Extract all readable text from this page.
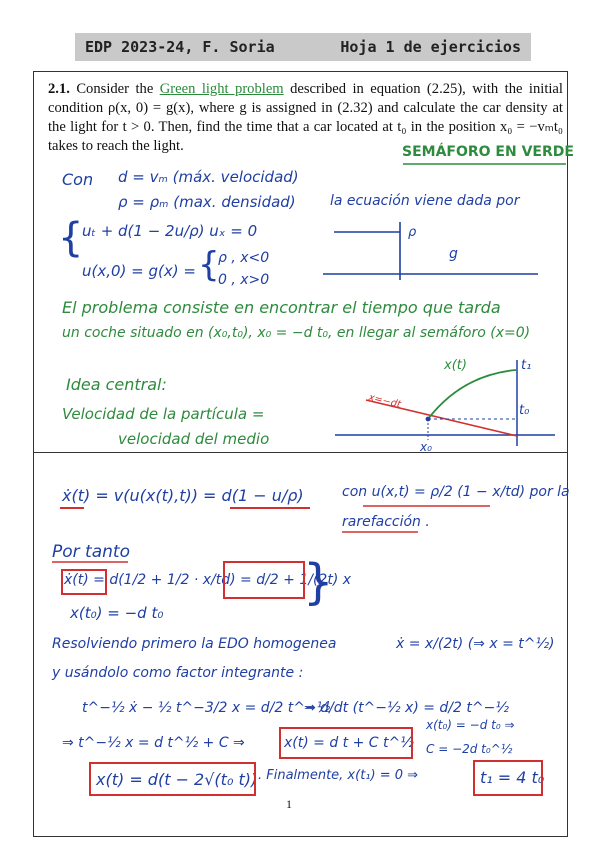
EDP 2023-24, F. Soria	Hoja 1 de ejercicios
2.1. Consider the Green light problem described in equation (2.25), with the initial condition ρ(x, 0) = g(x), where g is assigned in (2.32) and calculate the car density at the light for t > 0. Then, find the time that a car located at t₀ in the position x₀ = −vₘt₀ takes to reach the light.	SEMÁFORO EN VERDE
Con d = vₘ (máx. velocidad)
ρ = ρₘ (max. densidad) la ecuación viene dada por
{
uₜ + d(1 − 2u/ρ) uₓ = 0
u(x,0) = g(x) = {
ρ , x<0
0 , x>0
ρ
g
El problema consiste en encontrar el tiempo que tarda
un coche situado en (x₀,t₀), x₀ = −d t₀, en llegar al semáforo (x=0)
Idea central:
Velocidad de la partícula =
velocidad del medio
x(t)	t₁
t₀
x₀
x=−dt
ẋ(t) = v(u(x(t),t)) = d(1 − u/ρ)	con u(x,t) = ρ/2 (1 − x/td) por la
rarefacción .
Por tanto
ẋ(t) = d(1/2 + 1/2 · x/td) = d/2 + 1/(2t) x
x(t₀) = −d t₀
}
Resolviendo primero la EDO homogenea	ẋ = x/(2t) (⇒ x = t^½)
y usándolo como factor integrante :
t^−½ ẋ − ½ t^−3/2 x = d/2 t^−½
⇒ d/dt (t^−½ x) = d/2 t^−½
⇒ t^−½ x = d t^½ + C ⇒	x(t) = d t + C t^½
x(t₀) = −d t₀ ⇒
C = −2d t₀^½
x(t) = d(t − 2√(t₀ t)) . Finalmente, x(t₁) = 0 ⇒	t₁ = 4 t₀
1
